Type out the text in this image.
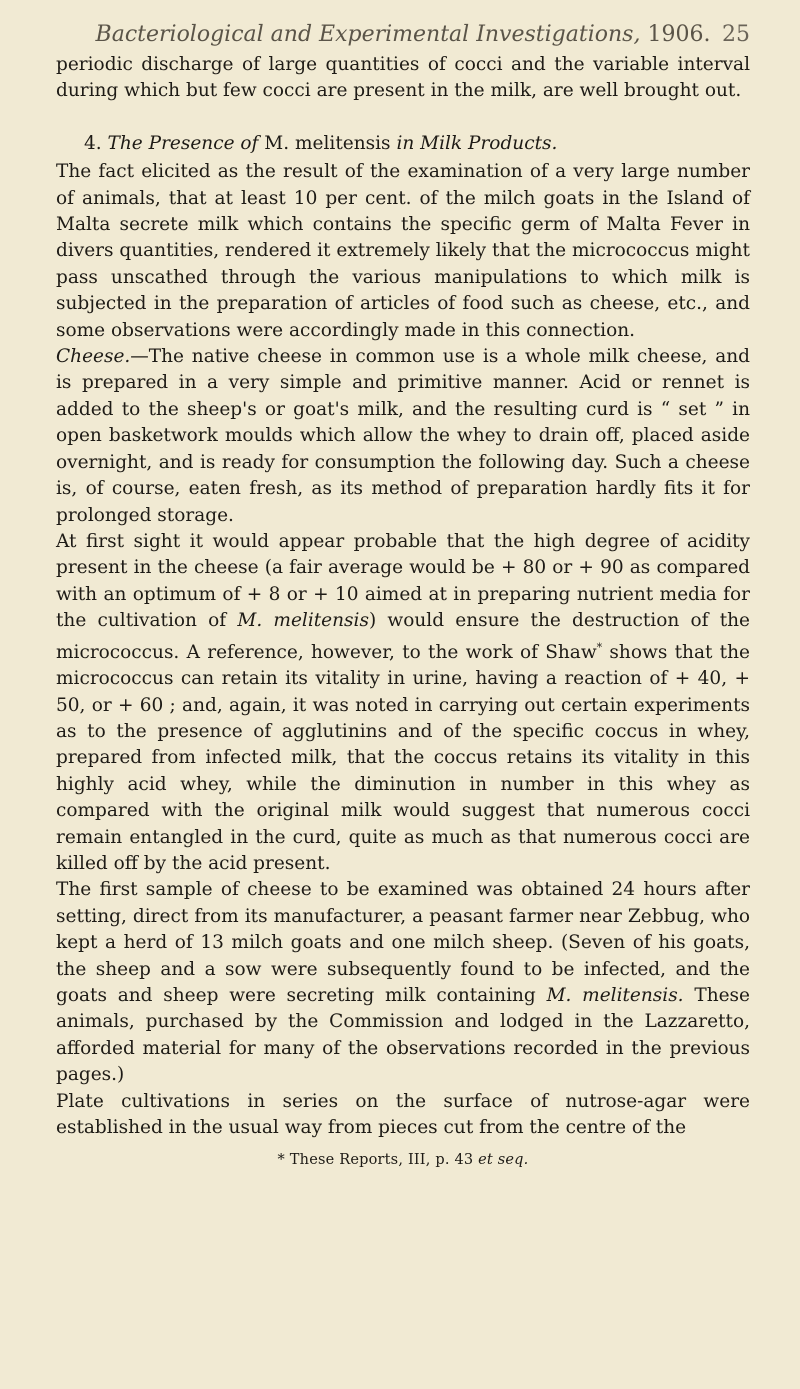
Bacteriological and Experimental Investigations, 1906. 25

periodic discharge of large quantities of cocci and the variable interval during which but few cocci are present in the milk, are well brought out.

4. The Presence of M. melitensis in Milk Products.

The fact elicited as the result of the examination of a very large number of animals, that at least 10 per cent. of the milch goats in the Island of Malta secrete milk which contains the specific germ of Malta Fever in divers quantities, rendered it extremely likely that the micrococcus might pass unscathed through the various manipulations to which milk is subjected in the preparation of articles of food such as cheese, etc., and some observations were accordingly made in this connection.

Cheese.—The native cheese in common use is a whole milk cheese, and is prepared in a very simple and primitive manner. Acid or rennet is added to the sheep's or goat's milk, and the resulting curd is “ set ” in open basketwork moulds which allow the whey to drain off, placed aside overnight, and is ready for consumption the following day. Such a cheese is, of course, eaten fresh, as its method of preparation hardly fits it for prolonged storage.

At first sight it would appear probable that the high degree of acidity present in the cheese (a fair average would be + 80 or + 90 as compared with an optimum of + 8 or + 10 aimed at in preparing nutrient media for the cultivation of M. melitensis) would ensure the destruction of the micrococcus. A reference, however, to the work of Shaw* shows that the micrococcus can retain its vitality in urine, having a reaction of + 40, + 50, or + 60 ; and, again, it was noted in carrying out certain experiments as to the presence of agglutinins and of the specific coccus in whey, prepared from infected milk, that the coccus retains its vitality in this highly acid whey, while the diminution in number in this whey as compared with the original milk would suggest that numerous cocci remain entangled in the curd, quite as much as that numerous cocci are killed off by the acid present.

The first sample of cheese to be examined was obtained 24 hours after setting, direct from its manufacturer, a peasant farmer near Zebbug, who kept a herd of 13 milch goats and one milch sheep. (Seven of his goats, the sheep and a sow were subsequently found to be infected, and the goats and sheep were secreting milk containing M. melitensis. These animals, purchased by the Commission and lodged in the Lazzaretto, afforded material for many of the observations recorded in the previous pages.)

Plate cultivations in series on the surface of nutrose-agar were established in the usual way from pieces cut from the centre of the

* These Reports, III, p. 43 et seq.
